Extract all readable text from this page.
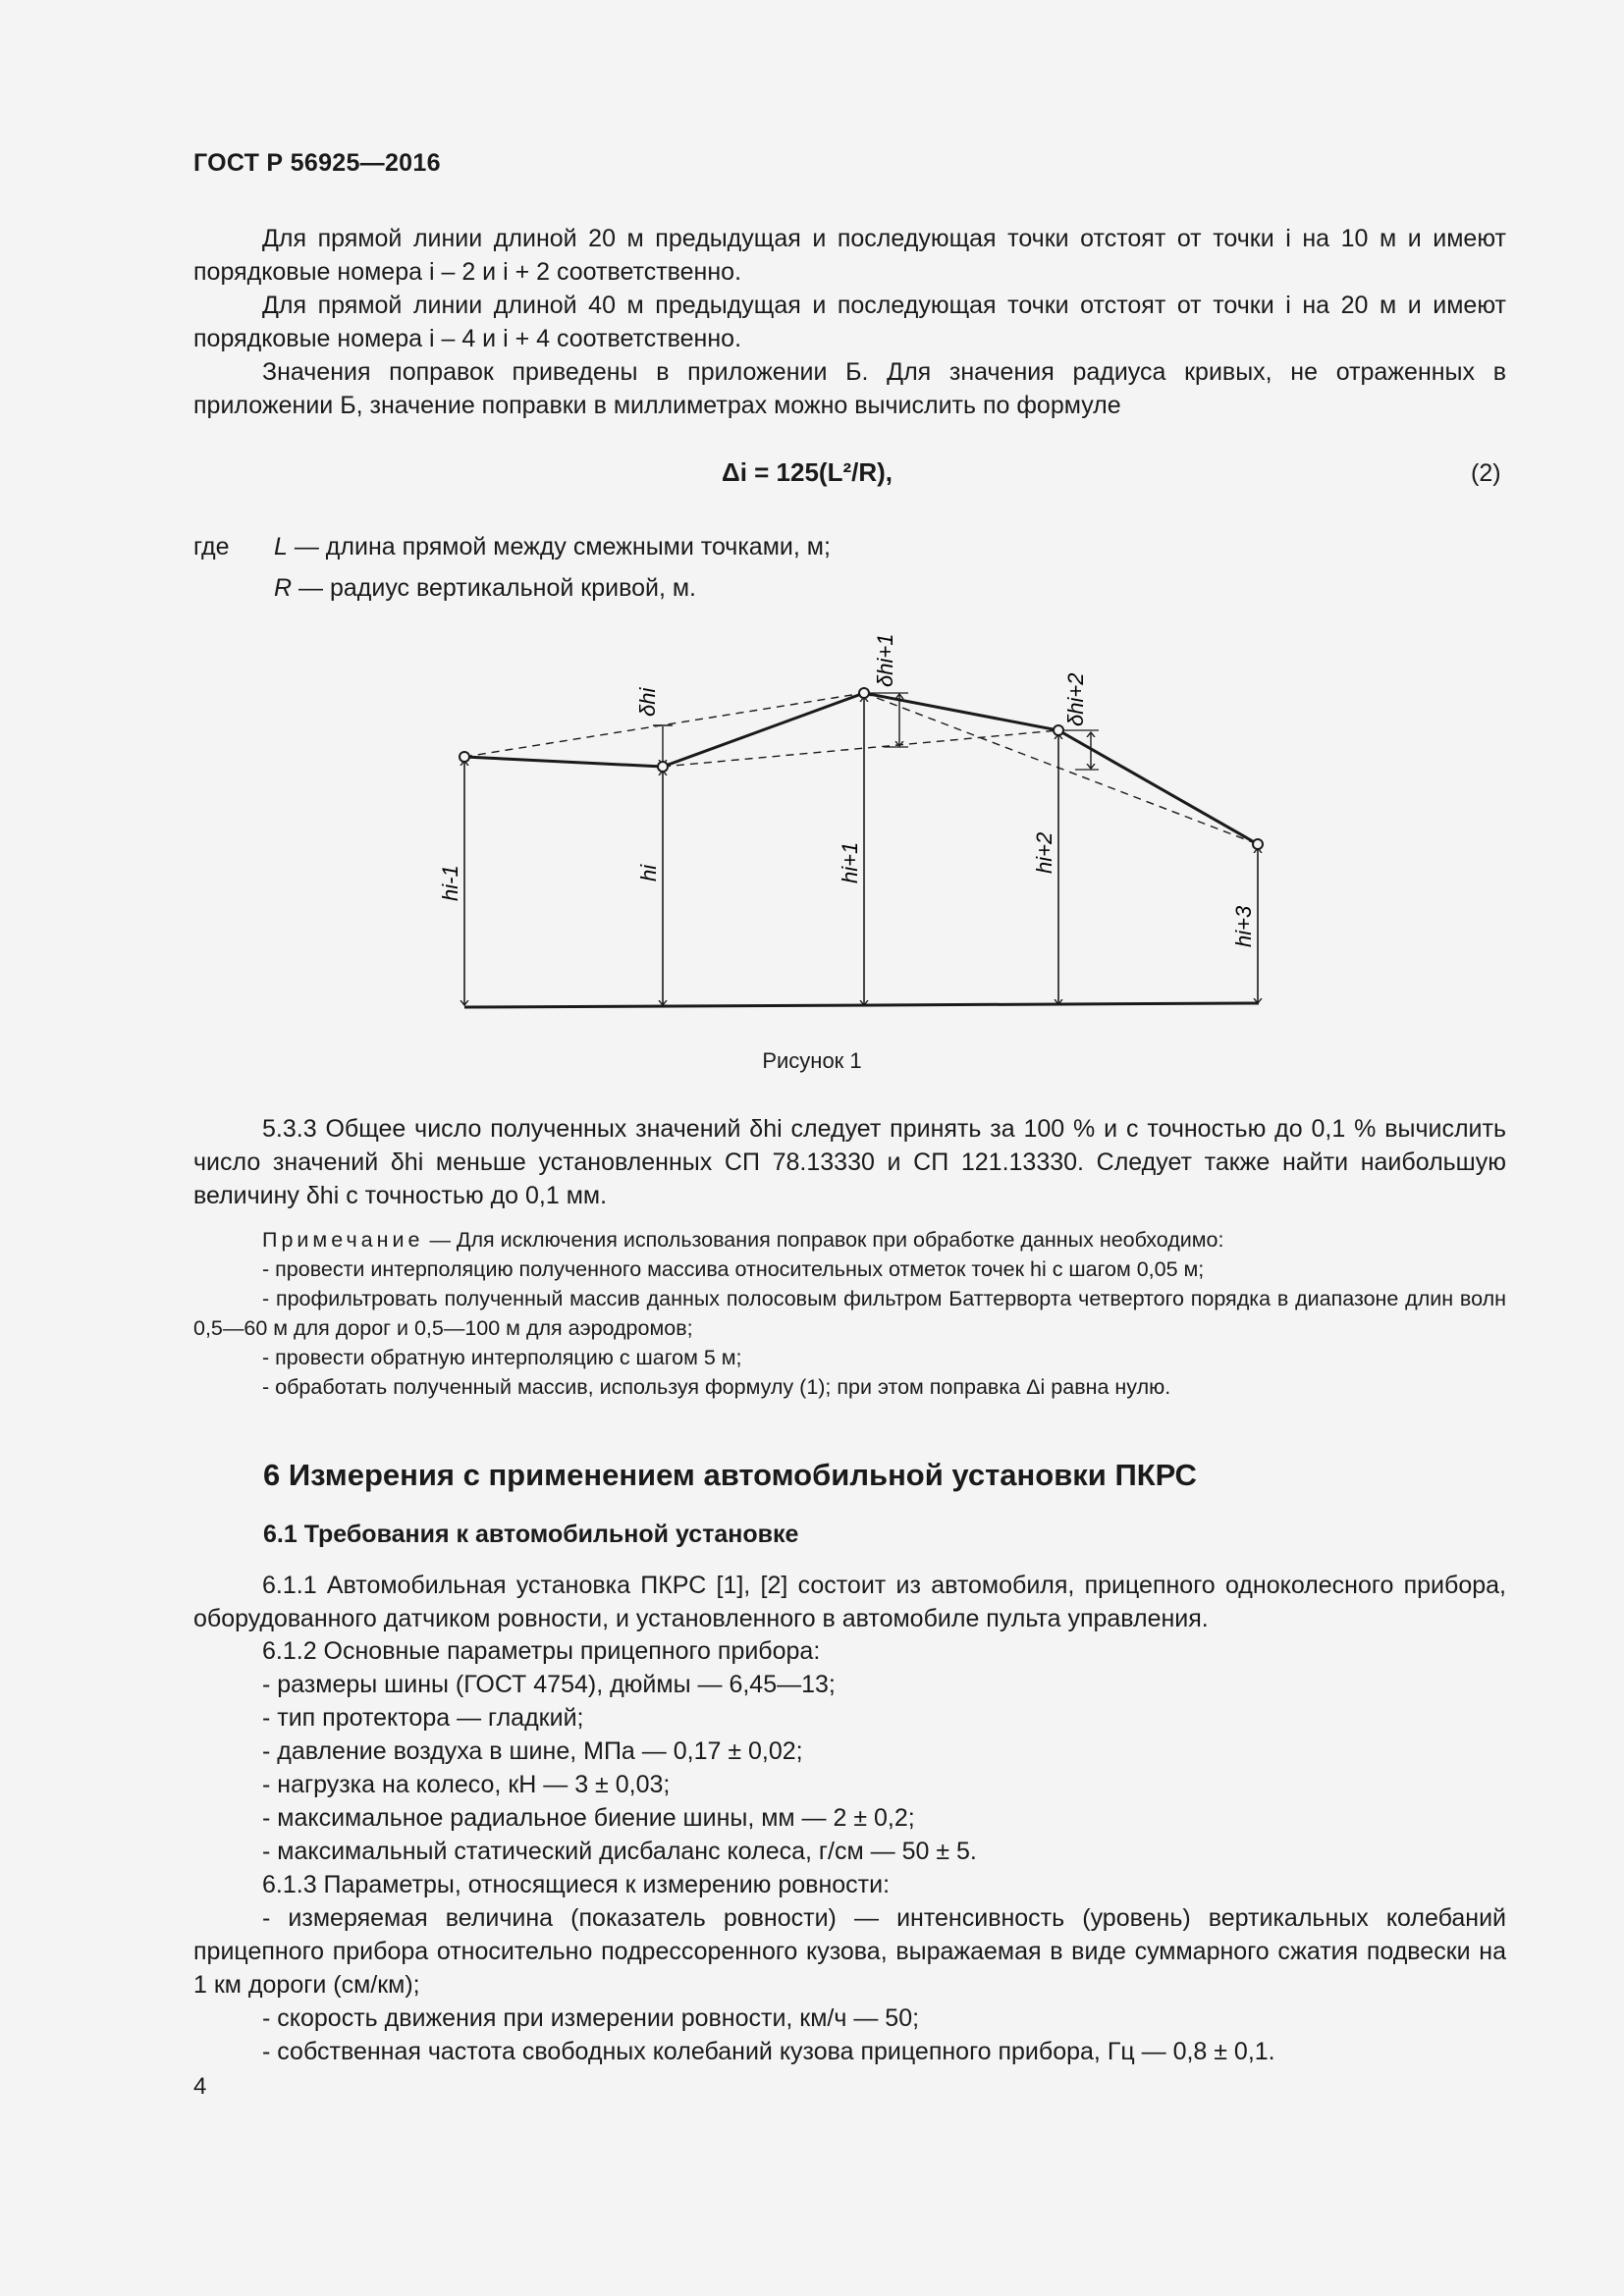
ГОСТ Р 56925—2016
Для прямой линии длиной 20 м предыдущая и последующая точки отстоят от точки i на 10 м и имеют порядковые номера i – 2 и i + 2 соответственно.
Для прямой линии длиной 40 м предыдущая и последующая точки отстоят от точки i на 20 м и имеют порядковые номера i – 4 и i + 4 соответственно.
Значения поправок приведены в приложении Б. Для значения радиуса кривых, не отраженных в приложении Б, значение поправки в миллиметрах можно вычислить по формуле
Δi = 125(L²/R),	(2)
где	L — длина прямой между смежными точками, м;
R — радиус вертикальной кривой, м.
hi-1	hi	hi+1	hi+2
hi+3
δhi
δhi+1
δhi+2
Рисунок 1
5.3.3 Общее число полученных значений δhi следует принять за 100 % и с точностью до 0,1 % вычислить число значений δhi меньше установленных СП 78.13330 и СП 121.13330. Следует также найти наибольшую величину δhi с точностью до 0,1 мм.
Примечание — Для исключения использования поправок при обработке данных необходимо:
- провести интерполяцию полученного массива относительных отметок точек hi с шагом 0,05 м;
- профильтровать полученный массив данных полосовым фильтром Баттерворта четвертого порядка в диапазоне длин волн 0,5—60 м для дорог и 0,5—100 м для аэродромов;
- провести обратную интерполяцию с шагом 5 м;
- обработать полученный массив, используя формулу (1); при этом поправка Δi равна нулю.
6 Измерения с применением автомобильной установки ПКРС
6.1 Требования к автомобильной установке
6.1.1 Автомобильная установка ПКРС [1], [2] состоит из автомобиля, прицепного одноколесного прибора, оборудованного датчиком ровности, и установленного в автомобиле пульта управления.
6.1.2 Основные параметры прицепного прибора:
- размеры шины (ГОСТ 4754), дюймы — 6,45—13;
- тип протектора — гладкий;
- давление воздуха в шине, МПа — 0,17 ± 0,02;
- нагрузка на колесо, кН — 3 ± 0,03;
- максимальное радиальное биение шины, мм — 2 ± 0,2;
- максимальный статический дисбаланс колеса, г/см — 50 ± 5.
6.1.3 Параметры, относящиеся к измерению ровности:
- измеряемая величина (показатель ровности) — интенсивность (уровень) вертикальных колебаний прицепного прибора относительно подрессоренного кузова, выражаемая в виде суммарного сжатия подвески на 1 км дороги (см/км);
- скорость движения при измерении ровности, км/ч — 50;
- собственная частота свободных колебаний кузова прицепного прибора, Гц — 0,8 ± 0,1.
4
